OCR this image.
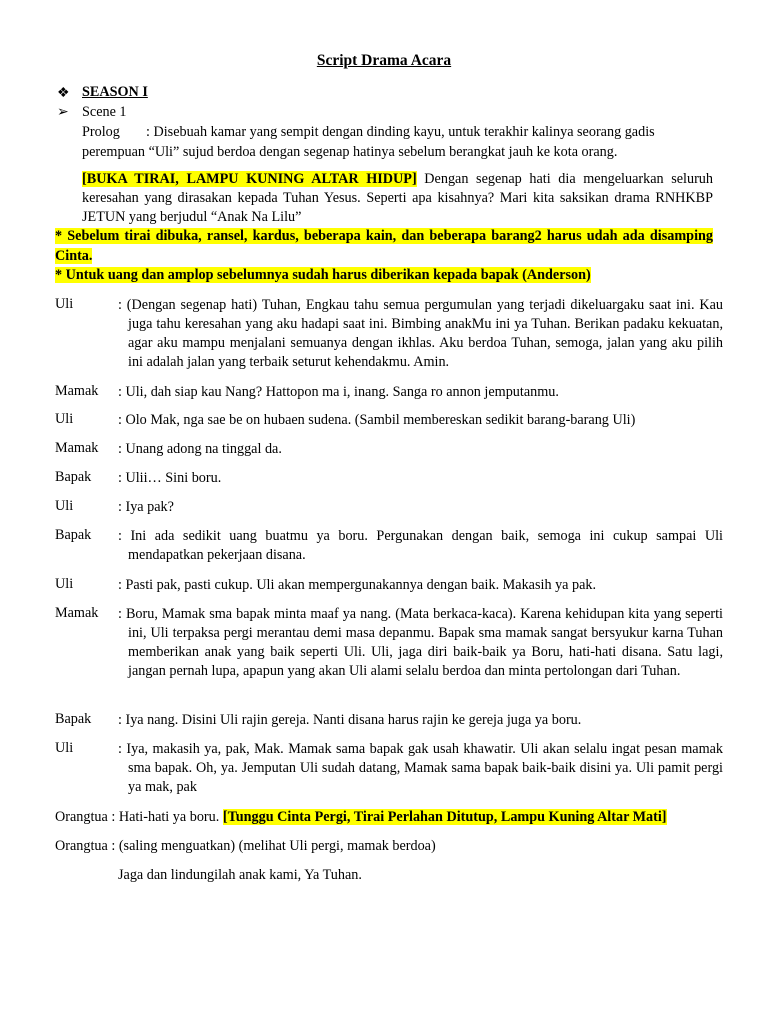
Script Drama Acara
❖ SEASON I
➢ Scene 1
Prolog : Disebuah kamar yang sempit dengan dinding kayu, untuk terakhir kalinya seorang gadis
perempuan “Uli” sujud berdoa dengan segenap hatinya sebelum berangkat jauh ke kota orang.
[BUKA TIRAI, LAMPU KUNING ALTAR HIDUP] Dengan segenap hati dia mengeluarkan seluruh keresahan yang dirasakan kepada Tuhan Yesus. Seperti apa kisahnya? Mari kita saksikan drama RNHKBP JETUN yang berjudul “Anak Na Lilu”
* Sebelum tirai dibuka, ransel, kardus, beberapa kain, dan beberapa barang2 harus udah ada disamping Cinta.
* Untuk uang dan amplop sebelumnya sudah harus diberikan kepada bapak (Anderson)
Uli	: (Dengan segenap hati) Tuhan, Engkau tahu semua pergumulan yang terjadi dikeluargaku saat ini. Kau juga tahu keresahan yang aku hadapi saat ini. Bimbing anakMu ini ya Tuhan. Berikan padaku kekuatan, agar aku mampu menjalani semuanya dengan ikhlas. Aku berdoa Tuhan, semoga, jalan yang aku pilih ini adalah jalan yang terbaik seturut kehendakmu. Amin.
Mamak : Uli, dah siap kau Nang? Hattopon ma i, inang. Sanga ro annon jemputanmu.
Uli	: Olo Mak, nga sae be on hubaen sudena. (Sambil membereskan sedikit barang-barang Uli)
Mamak : Unang adong na tinggal da.
Bapak : Ulii… Sini boru.
Uli	: Iya pak?
Bapak : Ini ada sedikit uang buatmu ya boru. Pergunakan dengan baik, semoga ini cukup sampai Uli mendapatkan pekerjaan disana.
Uli	: Pasti pak, pasti cukup. Uli akan mempergunakannya dengan baik. Makasih ya pak.
Mamak : Boru, Mamak sma bapak minta maaf ya nang. (Mata berkaca-kaca). Karena kehidupan kita yang seperti ini, Uli terpaksa pergi merantau demi masa depanmu. Bapak sma mamak sangat bersyukur karna Tuhan memberikan anak yang baik seperti Uli. Uli, jaga diri baik-baik ya Boru, hati-hati disana. Satu lagi, jangan pernah lupa, apapun yang akan Uli alami selalu berdoa dan minta pertolongan dari Tuhan.
Bapak : Iya nang. Disini Uli rajin gereja. Nanti disana harus rajin ke gereja juga ya boru.
Uli	: Iya, makasih ya, pak, Mak. Mamak sama bapak gak usah khawatir. Uli akan selalu ingat pesan mamak sma bapak. Oh, ya. Jemputan Uli sudah datang, Mamak sama bapak baik-baik disini ya. Uli pamit pergi ya mak, pak
Orangtua : Hati-hati ya boru. [Tunggu Cinta Pergi, Tirai Perlahan Ditutup, Lampu Kuning Altar Mati]
Orangtua : (saling menguatkan) (melihat Uli pergi, mamak berdoa)
Jaga dan lindungilah anak kami, Ya Tuhan.
